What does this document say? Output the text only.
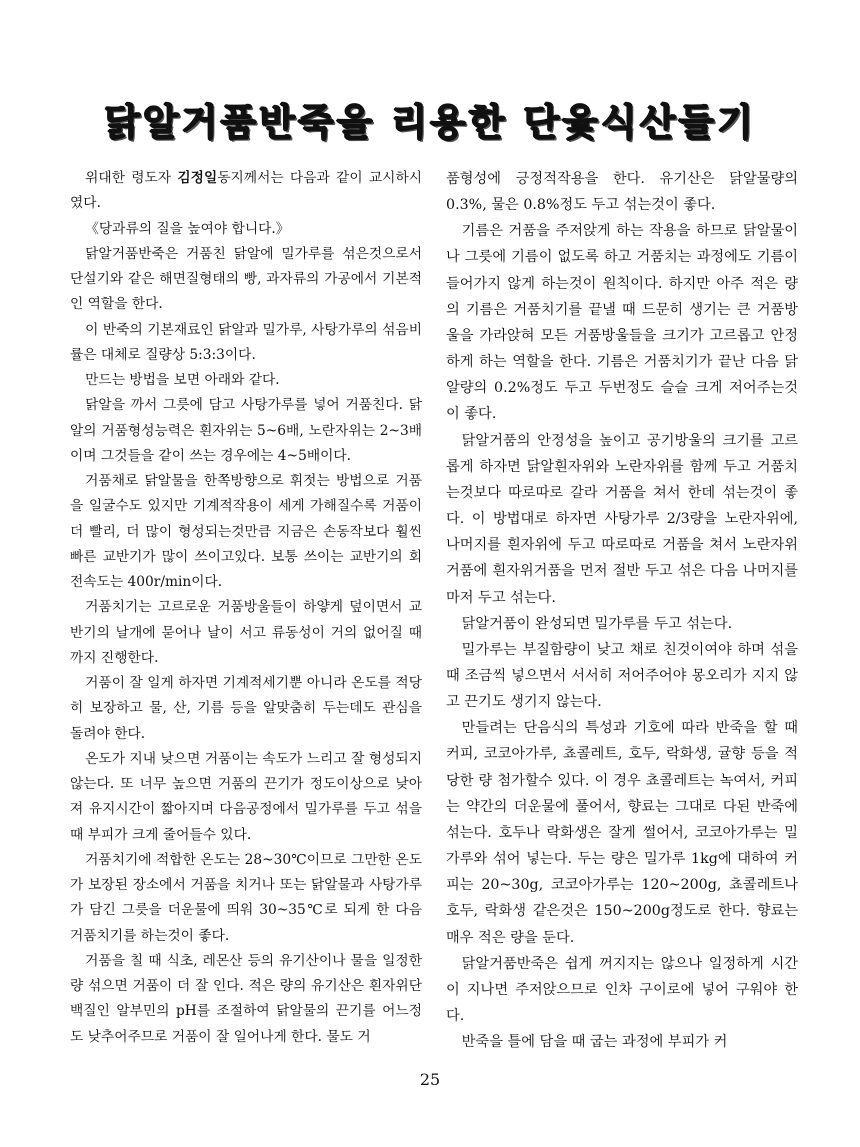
닭알거품반죽을 리용한 단윷식산들기

위대한 령도자 김정일동지께서는 다음과 같이 교시하시였다.

《당과류의 질을 높여야 합니다.》

닭알거품반죽은 거품친 닭알에 밀가루를 섞은것으로서 단설기와 같은 해면질형태의 빵, 과자류의 가공에서 기본적인 역할을 한다.

이 반죽의 기본재료인 닭알과 밀가루, 사탕가루의 섞음비률은 대체로 질량상 5:3:3이다.

만드는 방법을 보면 아래와 같다.

닭알을 까서 그릇에 담고 사탕가루를 넣어 거품친다. 닭알의 거품형성능력은 흰자위는 5~6배, 노란자위는 2~3배이며 그것들을 같이 쓰는 경우에는 4~5배이다.

거품채로 닭알물을 한쪽방향으로 휘젓는 방법으로 거품을 일굴수도 있지만 기계적작용이 세게 가해질수록 거품이 더 빨리, 더 많이 형성되는것만큼 지금은 손동작보다 훨씬 빠른 교반기가 많이 쓰이고있다. 보통 쓰이는 교반기의 회전속도는 400r/min이다.

거품치기는 고르로운 거품방울들이 하얗게 덮이면서 교반기의 날개에 묻어나 날이 서고 류동성이 거의 없어질 때까지 진행한다.

거품이 잘 일게 하자면 기계적세기뿐 아니라 온도를 적당히 보장하고 물, 산, 기름 등을 알맞춤히 두는데도 관심을 돌려야 한다.

온도가 지내 낮으면 거품이는 속도가 느리고 잘 형성되지 않는다. 또 너무 높으면 거품의 끈기가 정도이상으로 낮아져 유지시간이 짧아지며 다음공정에서 밀가루를 두고 섞을 때 부피가 크게 줄어들수 있다.

거품치기에 적합한 온도는 28~30℃이므로 그만한 온도가 보장된 장소에서 거품을 치거나 또는 닭알물과 사탕가루가 담긴 그릇을 더운물에 띄워 30~35℃로 되게 한 다음 거품치기를 하는것이 좋다.

거품을 칠 때 식초, 레몬산 등의 유기산이나 물을 일정한 량 섞으면 거품이 더 잘 인다. 적은 량의 유기산은 흰자위단백질인 알부민의 pH를 조절하여 닭알물의 끈기를 어느정도 낮추어주므로 거품이 잘 일어나게 한다. 물도 거

품형성에 긍정적작용을 한다. 유기산은 닭알물량의 0.3%, 물은 0.8%정도 두고 섞는것이 좋다.

기름은 거품을 주저앉게 하는 작용을 하므로 닭알물이나 그릇에 기름이 없도록 하고 거품치는 과정에도 기름이 들어가지 않게 하는것이 원칙이다. 하지만 아주 적은 량의 기름은 거품치기를 끝낼 때 드문히 생기는 큰 거품방울을 가라앉혀 모든 거품방울들을 크기가 고르롭고 안정하게 하는 역할을 한다. 기름은 거품치기가 끝난 다음 닭알량의 0.2%정도 두고 두번정도 슬슬 크게 저어주는것이 좋다.

닭알거품의 안정성을 높이고 공기방울의 크기를 고르롭게 하자면 닭알흰자위와 노란자위를 함께 두고 거품치는것보다 따로따로 갈라 거품을 쳐서 한데 섞는것이 좋다. 이 방법대로 하자면 사탕가루 2/3량을 노란자위에, 나머지를 흰자위에 두고 따로따로 거품을 쳐서 노란자위거품에 흰자위거품을 먼저 절반 두고 섞은 다음 나머지를 마저 두고 섞는다.

닭알거품이 완성되면 밀가루를 두고 섞는다.

밀가루는 부질함량이 낮고 채로 친것이여야 하며 섞을 때 조금씩 넣으면서 서서히 저어주어야 몽오리가 지지 않고 끈기도 생기지 않는다.

만들려는 단음식의 특성과 기호에 따라 반죽을 할 때 커피, 코코아가루, 쵸콜레트, 호두, 락화생, 귤향 등을 적당한 량 첨가할수 있다. 이 경우 쵸콜레트는 녹여서, 커피는 약간의 더운물에 풀어서, 향료는 그대로 다된 반죽에 섞는다. 호두나 락화생은 잘게 썰어서, 코코아가루는 밀가루와 섞어 넣는다. 두는 량은 밀가루 1kg에 대하여 커피는 20~30g, 코코아가루는 120~200g, 쵸콜레트나 호두, 락화생 같은것은 150~200g정도로 한다. 향료는 매우 적은 량을 둔다.

닭알거품반죽은 쉽게 꺼지지는 않으나 일정하게 시간이 지나면 주저앉으므로 인차 구이로에 넣어 구워야 한다.

반죽을 틀에 담을 때 굽는 과정에 부피가 커

25
